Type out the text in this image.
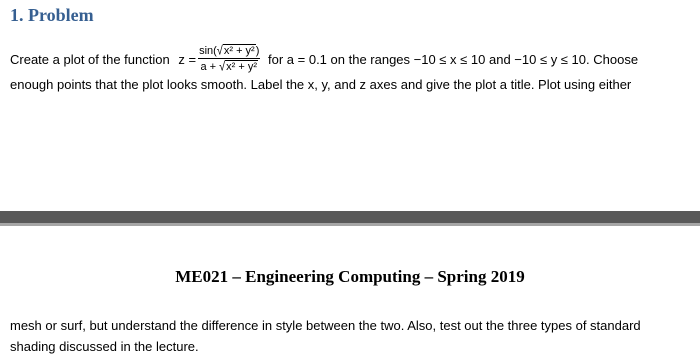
1. Problem
Create a plot of the function $z = \frac{\text{sin(√x² + y²)}}{\text{a + √x² + y²}}$ for a = 0.1 on the ranges −10 ≤ x ≤ 10 and −10 ≤ y ≤ 10. Choose
enough points that the plot looks smooth. Label the x, y, and z axes and give the plot a title. Plot using either
ME021 – Engineering Computing – Spring 2019
mesh or surf, but understand the difference in style between the two. Also, test out the three types of standard
shading discussed in the lecture.
